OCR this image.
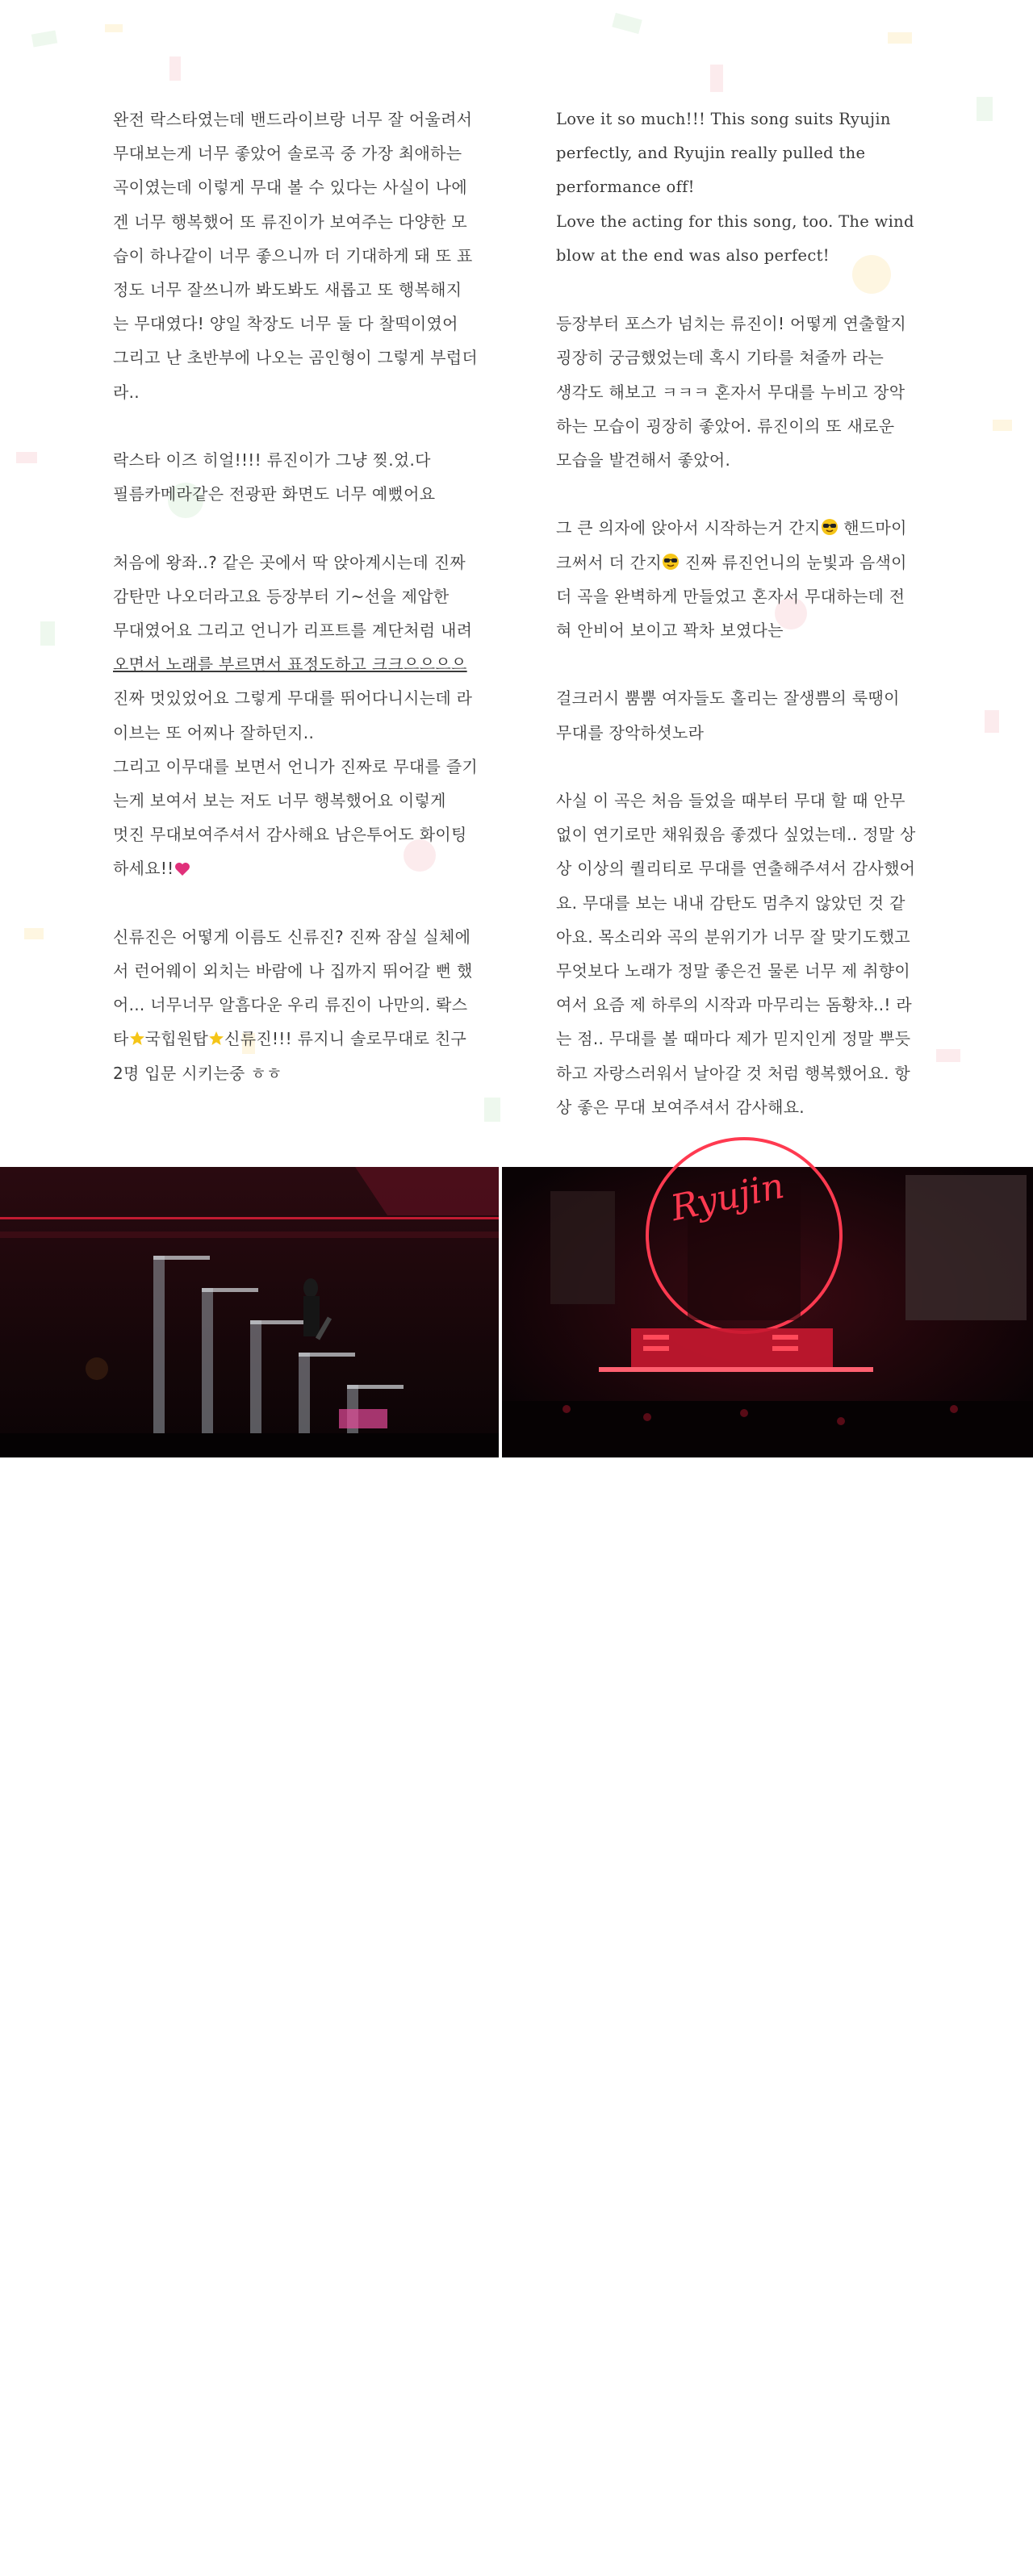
완전 락스타였는데 밴드라이브랑 너무 잘 어울려서
무대보는게 너무 좋았어 솔로곡 중 가장 최애하는
곡이였는데 이렇게 무대 볼 수 있다는 사실이 나에
겐 너무 행복했어 또 류진이가 보여주는 다양한 모
습이 하나같이 너무 좋으니까 더 기대하게 돼 또 표
정도 너무 잘쓰니까 봐도봐도 새롭고 또 행복해지
는 무대였다! 양일 착장도 너무 둘 다 찰떡이였어
그리고 난 초반부에 나오는 곰인형이 그렇게 부럽더
라..

락스타 이즈 히얼!!!! 류진이가 그냥 찢.었.다
필름카메라같은 전광판 화면도 너무 예뻤어요

처음에 왕좌..? 같은 곳에서 딱 앉아계시는데 진짜
감탄만 나오더라고요 등장부터 기~선을 제압한
무대였어요 그리고 언니가 리프트를 계단처럼 내려
오면서 노래를 부르면서 표정도하고 크크으으으으
진짜 멋있었어요 그렇게 무대를 뛰어다니시는데 라
이브는 또 어찌나 잘하던지..
그리고 이무대를 보면서 언니가 진짜로 무대를 즐기
는게 보여서 보는 저도 너무 행복했어요 이렇게
멋진 무대보여주셔서 감사해요 남은투어도 화이팅
하세요!!

신류진은 어떻게 이름도 신류진? 진짜 잠실 실체에
서 런어웨이 외치는 바람에 나 집까지 뛰어갈 뻔 했
어... 너무너무 알흠다운 우리 류진이 나만의. 롹스
타 국힙원탑 신류진!!! 류지니 솔로무대로 친구
2명 입문 시키는중 ㅎㅎ

Love it so much!!! This song suits Ryujin
perfectly, and Ryujin really pulled the
performance off!
Love the acting for this song, too. The wind
blow at the end was also perfect!

등장부터 포스가 넘치는 류진이! 어떻게 연출할지
굉장히 궁금했었는데 혹시 기타를 쳐줄까 라는
생각도 해보고 ㅋㅋㅋ 혼자서 무대를 누비고 장악
하는 모습이 굉장히 좋았어. 류진이의 또 새로운
모습을 발견해서 좋았어.

그 큰 의자에 앉아서 시작하는거 간지 핸드마이
크써서 더 간지 진짜 류진언니의 눈빛과 음색이
더 곡을 완벽하게 만들었고 혼자서 무대하는데 전
혀 안비어 보이고 꽉차 보였다는

걸크러시 뿜뿜 여자들도 홀리는 잘생쁨의 룩땡이
무대를 장악하셧노라

사실 이 곡은 처음 들었을 때부터 무대 할 때 안무
없이 연기로만 채워줬음 좋겠다 싶었는데.. 정말 상
상 이상의 퀄리티로 무대를 연출해주셔서 감사했어
요. 무대를 보는 내내 감탄도 멈추지 않았던 것 같
아요. 목소리와 곡의 분위기가 너무 잘 맞기도했고
무엇보다 노래가 정말 좋은건 물론 너무 제 취향이
여서 요즘 제 하루의 시작과 마무리는 돔황챠..! 라
는 점.. 무대를 볼 때마다 제가 믿지인게 정말 뿌듯
하고 자랑스러워서 날아갈 것 처럼 행복했어요. 항
상 좋은 무대 보여주셔서 감사해요.

42
Ryujin
